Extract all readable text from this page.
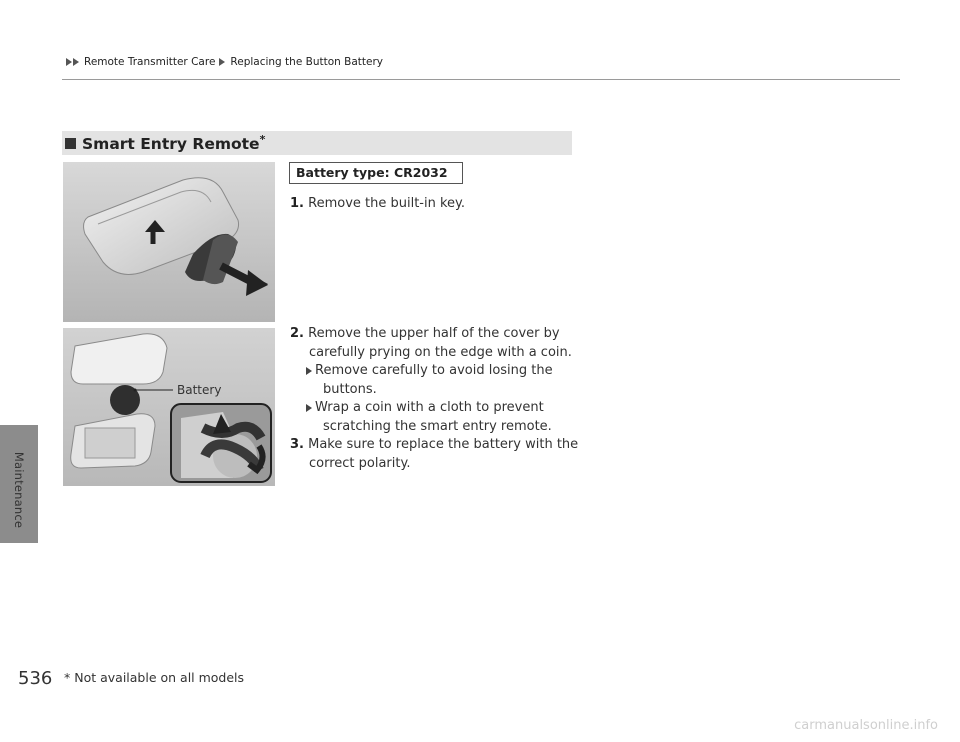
Maintenance
Remote Transmitter Care Replacing the Button Battery
Smart Entry Remote*
Battery
Battery type: CR2032
1. Remove the built-in key.
2. Remove the upper half of the cover by
carefully prying on the edge with a coin.
Remove carefully to avoid losing the
buttons.
Wrap a coin with a cloth to prevent
scratching the smart entry remote.
3. Make sure to replace the battery with the
correct polarity.
536 * Not available on all models
carmanualsonline.info
